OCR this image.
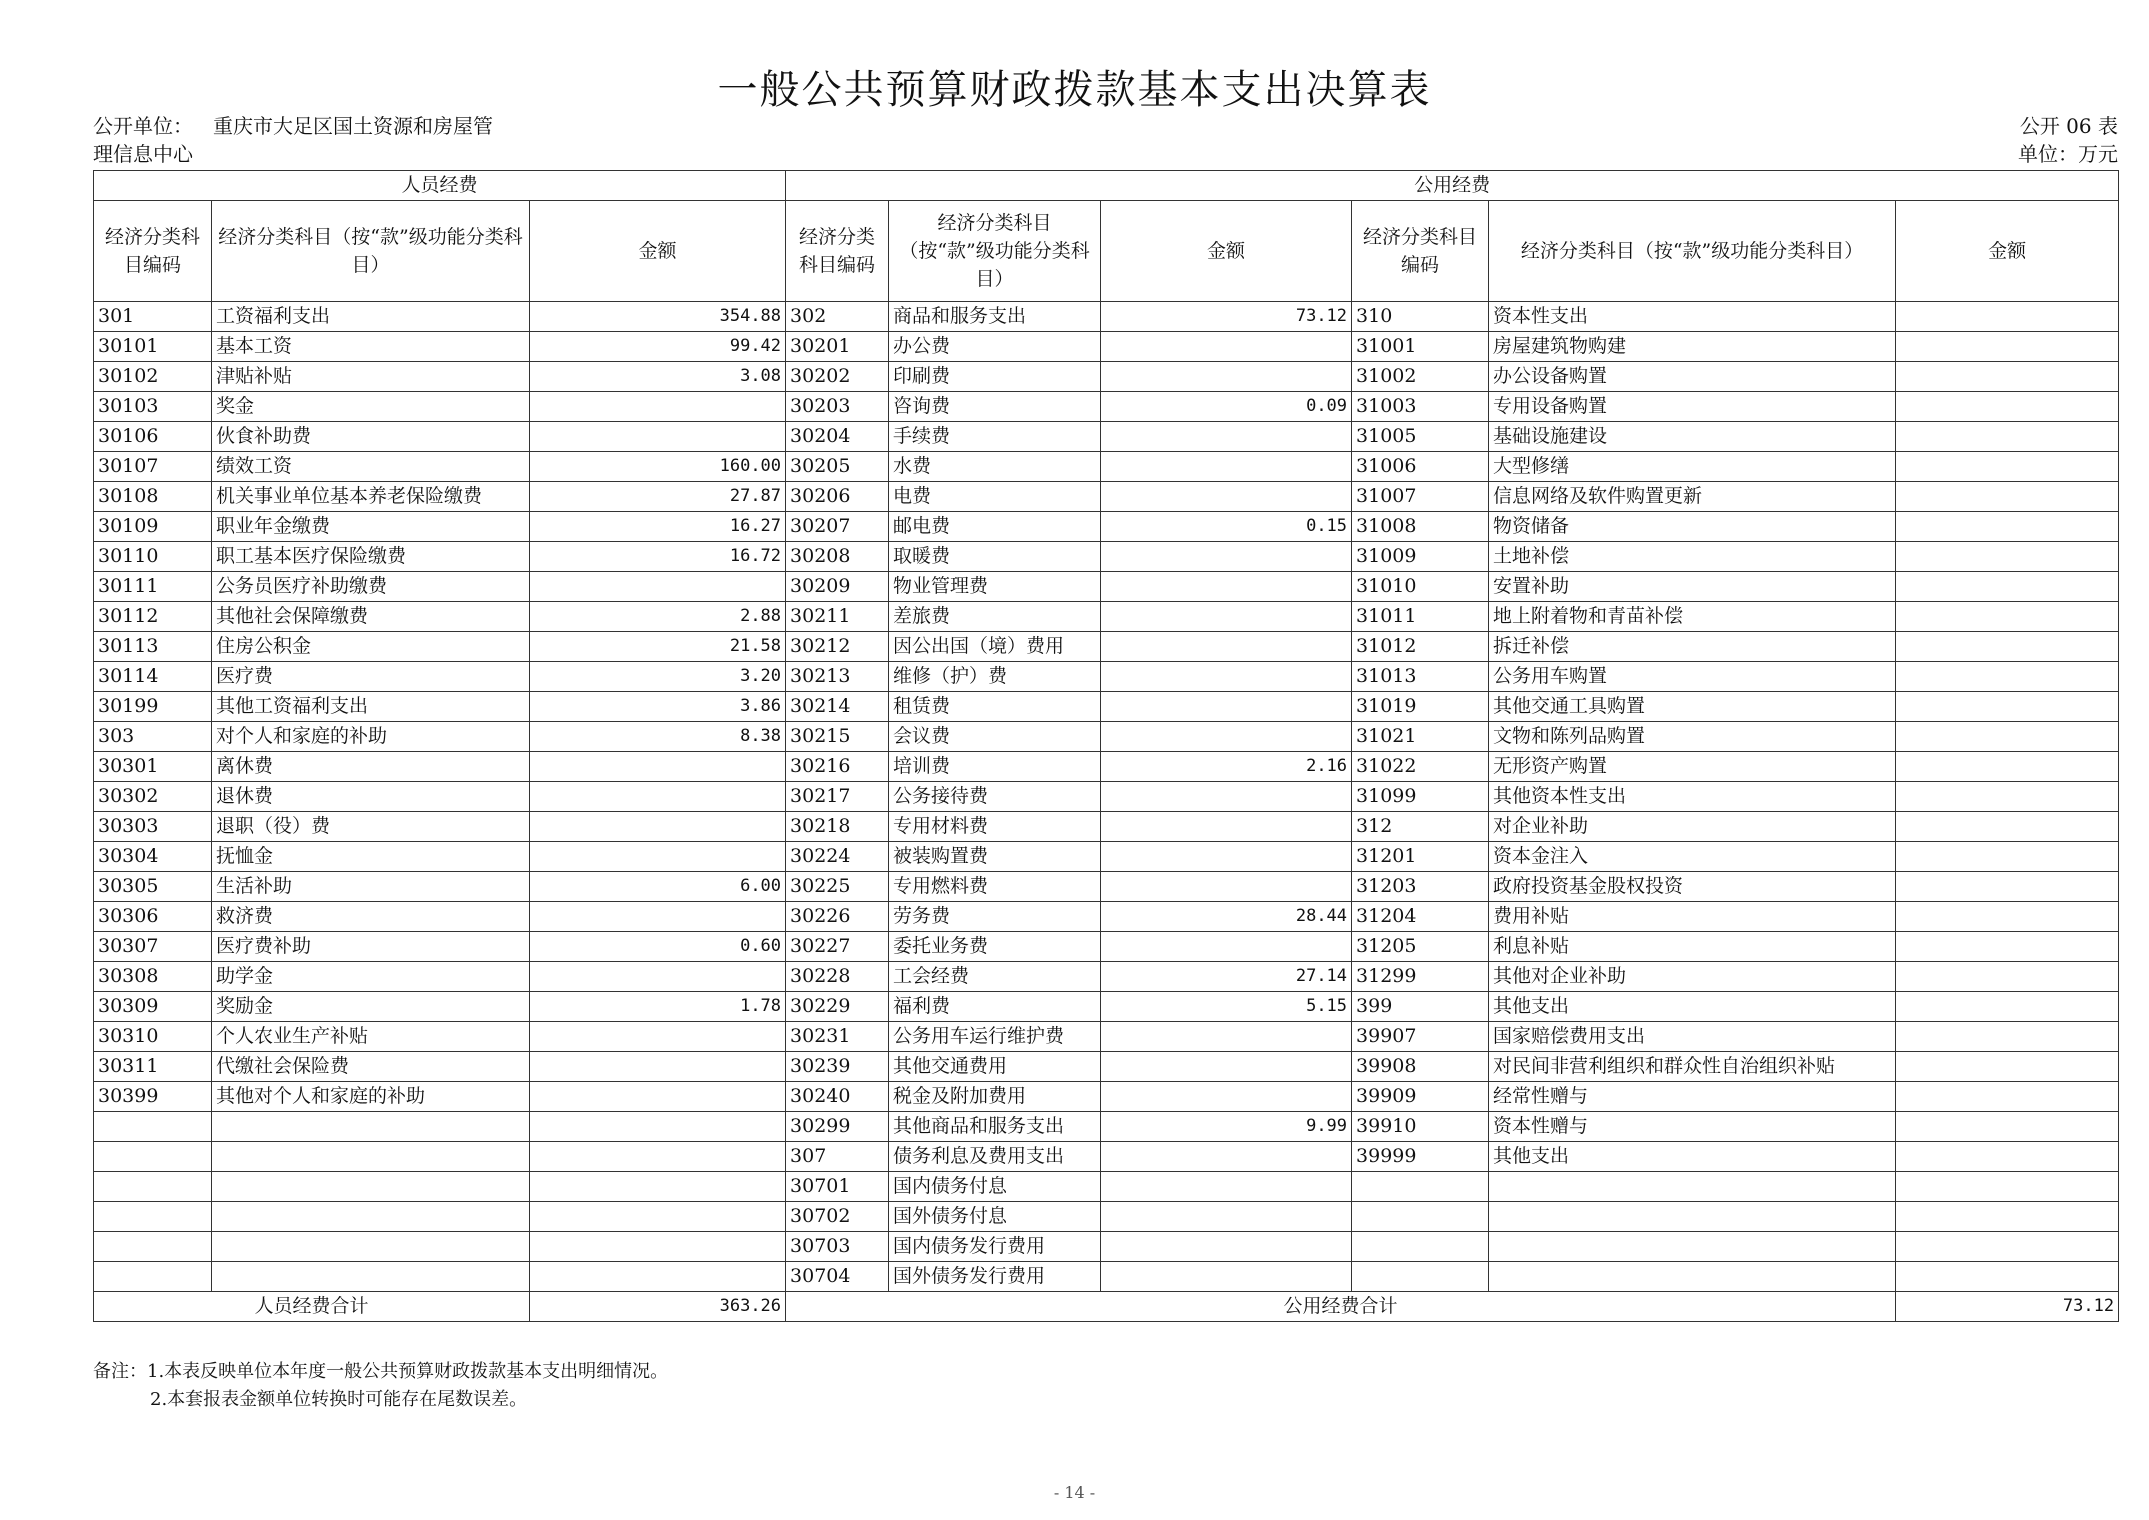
一般公共预算财政拨款基本支出决算表
公开单位： 重庆市大足区国土资源和房屋管
理信息中心
公开 06 表
单位：万元
人员经费			公用经费					
经济分类科目编码	经济分类科目（按“款”级功能分类科目）	金额	经济分类科目编码	经济分类科目（按“款”级功能分类科目）	金额	经济分类科目编码	经济分类科目（按“款”级功能分类科目）	金额
301	工资福利支出	354.88	302	商品和服务支出	73.12	310	资本性支出	
30101	基本工资	99.42	30201	办公费		31001	房屋建筑物购建	
30102	津贴补贴	3.08	30202	印刷费		31002	办公设备购置	
30103	奖金		30203	咨询费	0.09	31003	专用设备购置	
30106	伙食补助费		30204	手续费		31005	基础设施建设	
30107	绩效工资	160.00	30205	水费		31006	大型修缮	
30108	机关事业单位基本养老保险缴费	27.87	30206	电费		31007	信息网络及软件购置更新	
30109	职业年金缴费	16.27	30207	邮电费	0.15	31008	物资储备	
30110	职工基本医疗保险缴费	16.72	30208	取暖费		31009	土地补偿	
30111	公务员医疗补助缴费		30209	物业管理费		31010	安置补助	
30112	其他社会保障缴费	2.88	30211	差旅费		31011	地上附着物和青苗补偿	
30113	住房公积金	21.58	30212	因公出国（境）费用		31012	拆迁补偿	
30114	医疗费	3.20	30213	维修（护）费		31013	公务用车购置	
30199	其他工资福利支出	3.86	30214	租赁费		31019	其他交通工具购置	
303	对个人和家庭的补助	8.38	30215	会议费		31021	文物和陈列品购置	
30301	离休费		30216	培训费	2.16	31022	无形资产购置	
30302	退休费		30217	公务接待费		31099	其他资本性支出	
30303	退职（役）费		30218	专用材料费		312	对企业补助	
30304	抚恤金		30224	被装购置费		31201	资本金注入	
30305	生活补助	6.00	30225	专用燃料费		31203	政府投资基金股权投资	
30306	救济费		30226	劳务费	28.44	31204	费用补贴	
30307	医疗费补助	0.60	30227	委托业务费		31205	利息补贴	
30308	助学金		30228	工会经费	27.14	31299	其他对企业补助	
30309	奖励金	1.78	30229	福利费	5.15	399	其他支出	
30310	个人农业生产补贴		30231	公务用车运行维护费		39907	国家赔偿费用支出	
30311	代缴社会保险费		30239	其他交通费用		39908	对民间非营利组织和群众性自治组织补贴	
30399	其他对个人和家庭的补助		30240	税金及附加费用		39909	经常性赠与	
			30299	其他商品和服务支出	9.99	39910	资本性赠与	
			307	债务利息及费用支出		39999	其他支出	
			30701	国内债务付息				
			30702	国外债务付息				
			30703	国内债务发行费用				
			30704	国外债务发行费用				
人员经费合计		363.26	公用经费合计					73.12
备注：1.本表反映单位本年度一般公共预算财政拨款基本支出明细情况。
2.本套报表金额单位转换时可能存在尾数误差。
- 14 -
